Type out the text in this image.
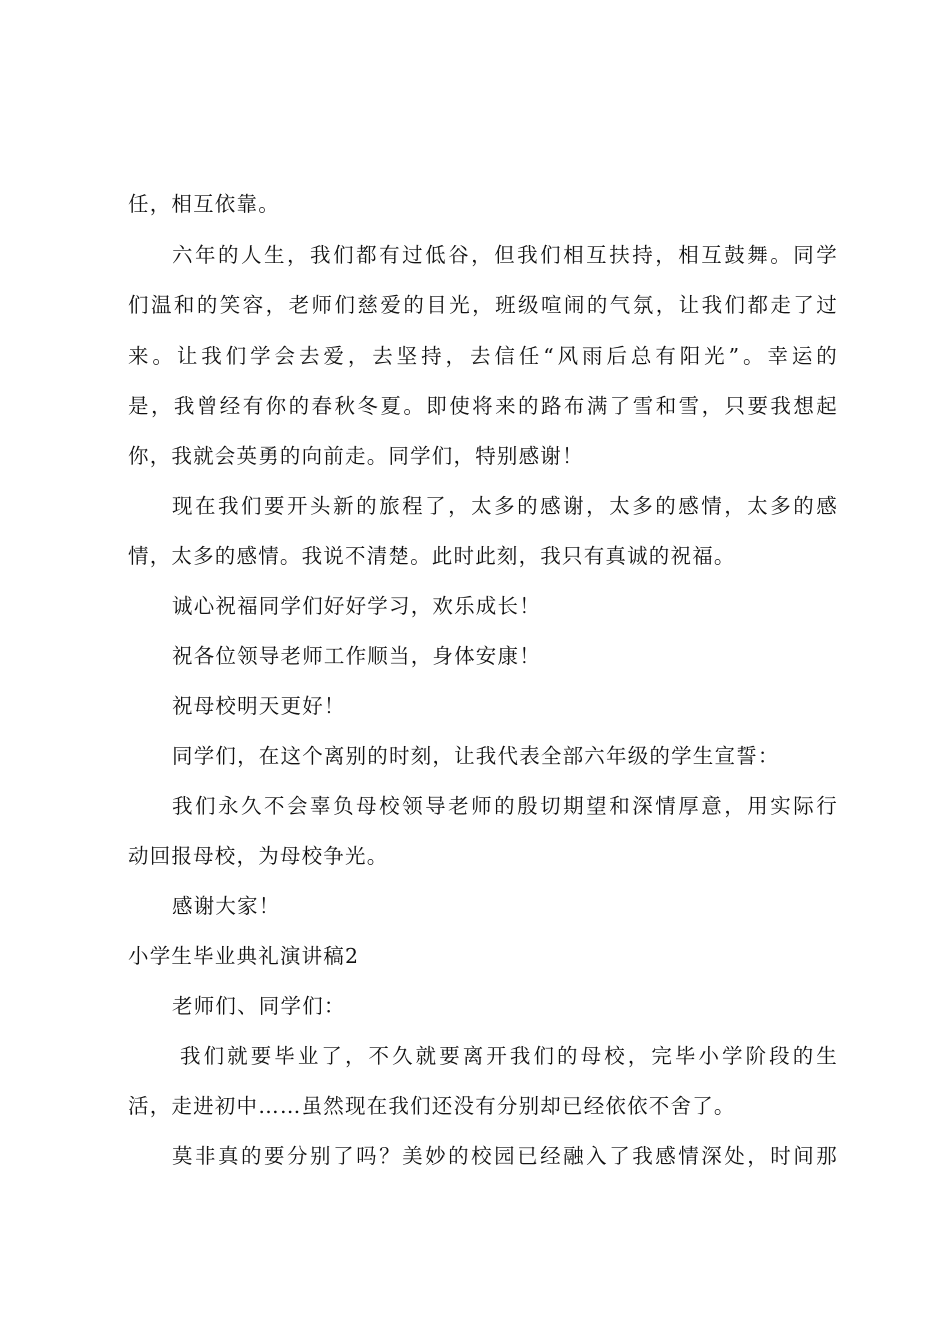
任，相互依靠。
六年的人生，我们都有过低谷，但我们相互扶持，相互鼓舞。同学
们温和的笑容，老师们慈爱的目光，班级喧闹的气氛，让我们都走了过
来。让我们学会去爱，去坚持，去信任“风雨后总有阳光”。幸运的
是，我曾经有你的春秋冬夏。即使将来的路布满了雪和雪，只要我想起
你，我就会英勇的向前走。同学们，特别感谢！
现在我们要开头新的旅程了，太多的感谢，太多的感情，太多的感
情，太多的感情。我说不清楚。此时此刻，我只有真诚的祝福。
诚心祝福同学们好好学习，欢乐成长！
祝各位领导老师工作顺当，身体安康！
祝母校明天更好！
同学们，在这个离别的时刻，让我代表全部六年级的学生宣誓：
我们永久不会辜负母校领导老师的殷切期望和深情厚意，用实际行
动回报母校，为母校争光。
感谢大家！
小学生毕业典礼演讲稿2
老师们、同学们：
我们就要毕业了，不久就要离开我们的母校，完毕小学阶段的生
活，走进初中……虽然现在我们还没有分别却已经依依不舍了。
莫非真的要分别了吗？美妙的校园已经融入了我感情深处，时间那
